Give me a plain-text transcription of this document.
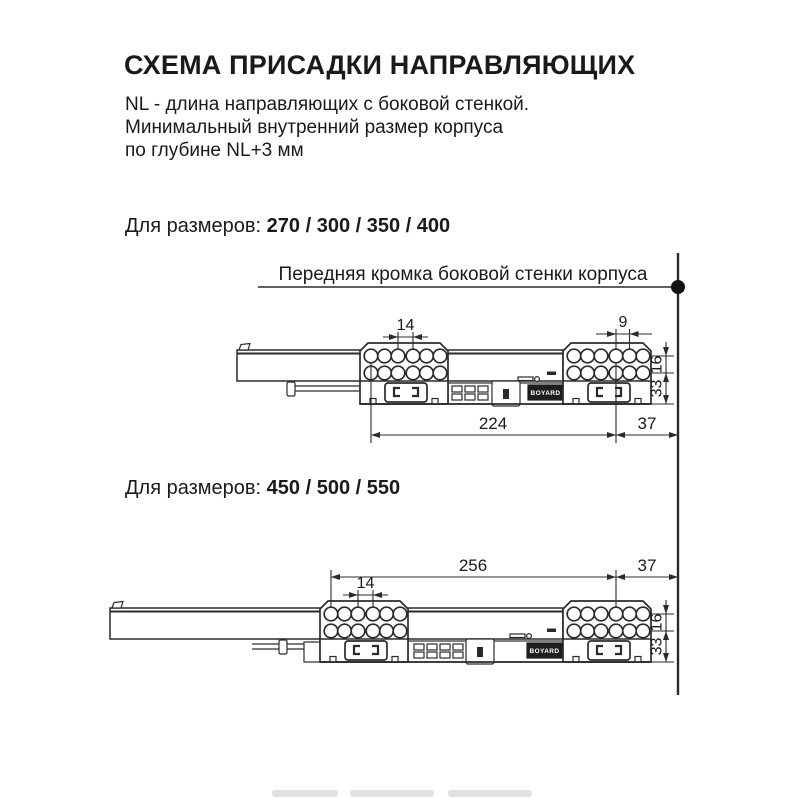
СХЕМА ПРИСАДКИ НАПРАВЛЯЮЩИХ
NL - длина направляющих с боковой стенкой.
Минимальный внутренний размер корпуса
по глубине NL+3 мм
Для размеров: 270 / 300 / 350 / 400
Для размеров: 450 / 500 / 550
Передняя кромка боковой стенки корпуса
BOYARD
14	9
16
33
224	37
BOYARD
14
256	37
16
33
